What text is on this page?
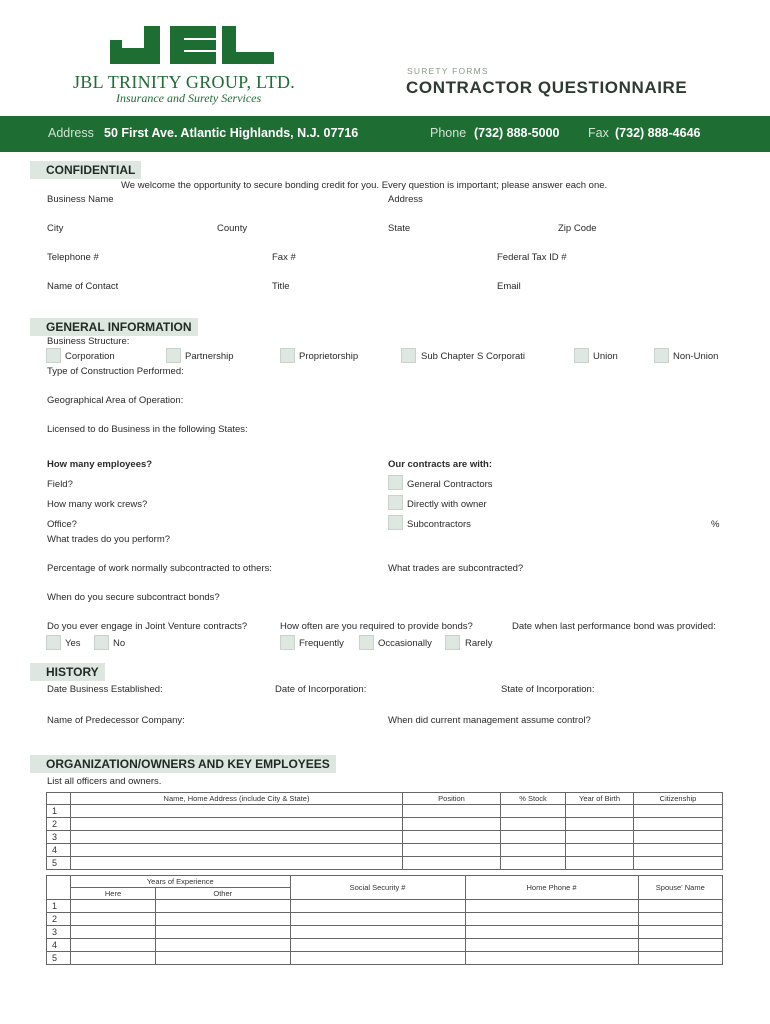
JBL TRINITY GROUP, LTD.
Insurance and Surety Services
SURETY FORMS
CONTRACTOR QUESTIONNAIRE
Address 50 First Ave. Atlantic Highlands, N.J. 07716	Phone (732) 888-5000 Fax (732) 888-4646
CONFIDENTIAL
We welcome the opportunity to secure bonding credit for you. Every question is important; please answer each one.
Business Name	Address
City	County	State	Zip Code
Telephone #	Fax #	Federal Tax ID #
Name of Contact	Title	Email
GENERAL INFORMATION
Business Structure:
Corporation	Partnership	Proprietorship	Sub Chapter S Corporati	Union	Non-Union
Type of Construction Performed:
Geographical Area of Operation:
Licensed to do Business in the following States:
How many employees?	Our contracts are with:
Field?	General Contractors
How many work crews?	Directly with owner
Office?	Subcontractors	%
What trades do you perform?
Percentage of work normally subcontracted to others:	What trades are subcontracted?
When do you secure subcontract bonds?
Do you ever engage in Joint Venture contracts?	How often are you required to provide bonds?	Date when last performance bond was provided:
Yes	No	Frequently	Occasionally	Rarely
HISTORY
Date Business Established:	Date of Incorporation:	State of Incorporation:
Name of Predecessor Company:	When did current management assume control?
ORGANIZATION/OWNERS AND KEY EMPLOYEES
List all officers and owners.
	Name, Home Address (include City & State)	Position	% Stock	Year of Birth	Citizenship
1					
2					
3					
4					
5					
	Years of Experience		Social Security #	Home Phone #	Spouse' Name
	Here	Other			
1					
2					
3					
4					
5					
